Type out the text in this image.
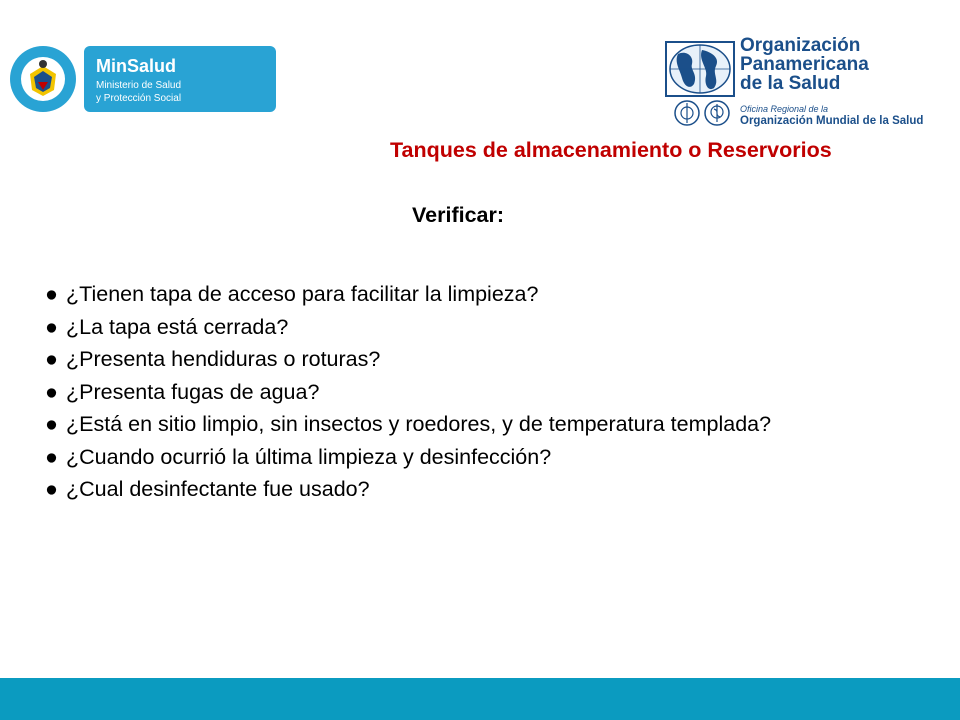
MinSalud
Ministerio de Salud
y Protección Social
Organización
Panamericana
de la Salud
Oficina Regional de la
Organización Mundial de la Salud
Tanques de almacenamiento o Reservorios
Verificar:
● ¿Tienen tapa de acceso para facilitar la limpieza?
● ¿La tapa está cerrada?
● ¿Presenta hendiduras o roturas?
● ¿Presenta fugas de agua?
● ¿Está en sitio limpio, sin insectos y roedores, y de temperatura templada?
● ¿Cuando ocurrió la última limpieza y desinfección?
● ¿Cual desinfectante fue usado?
